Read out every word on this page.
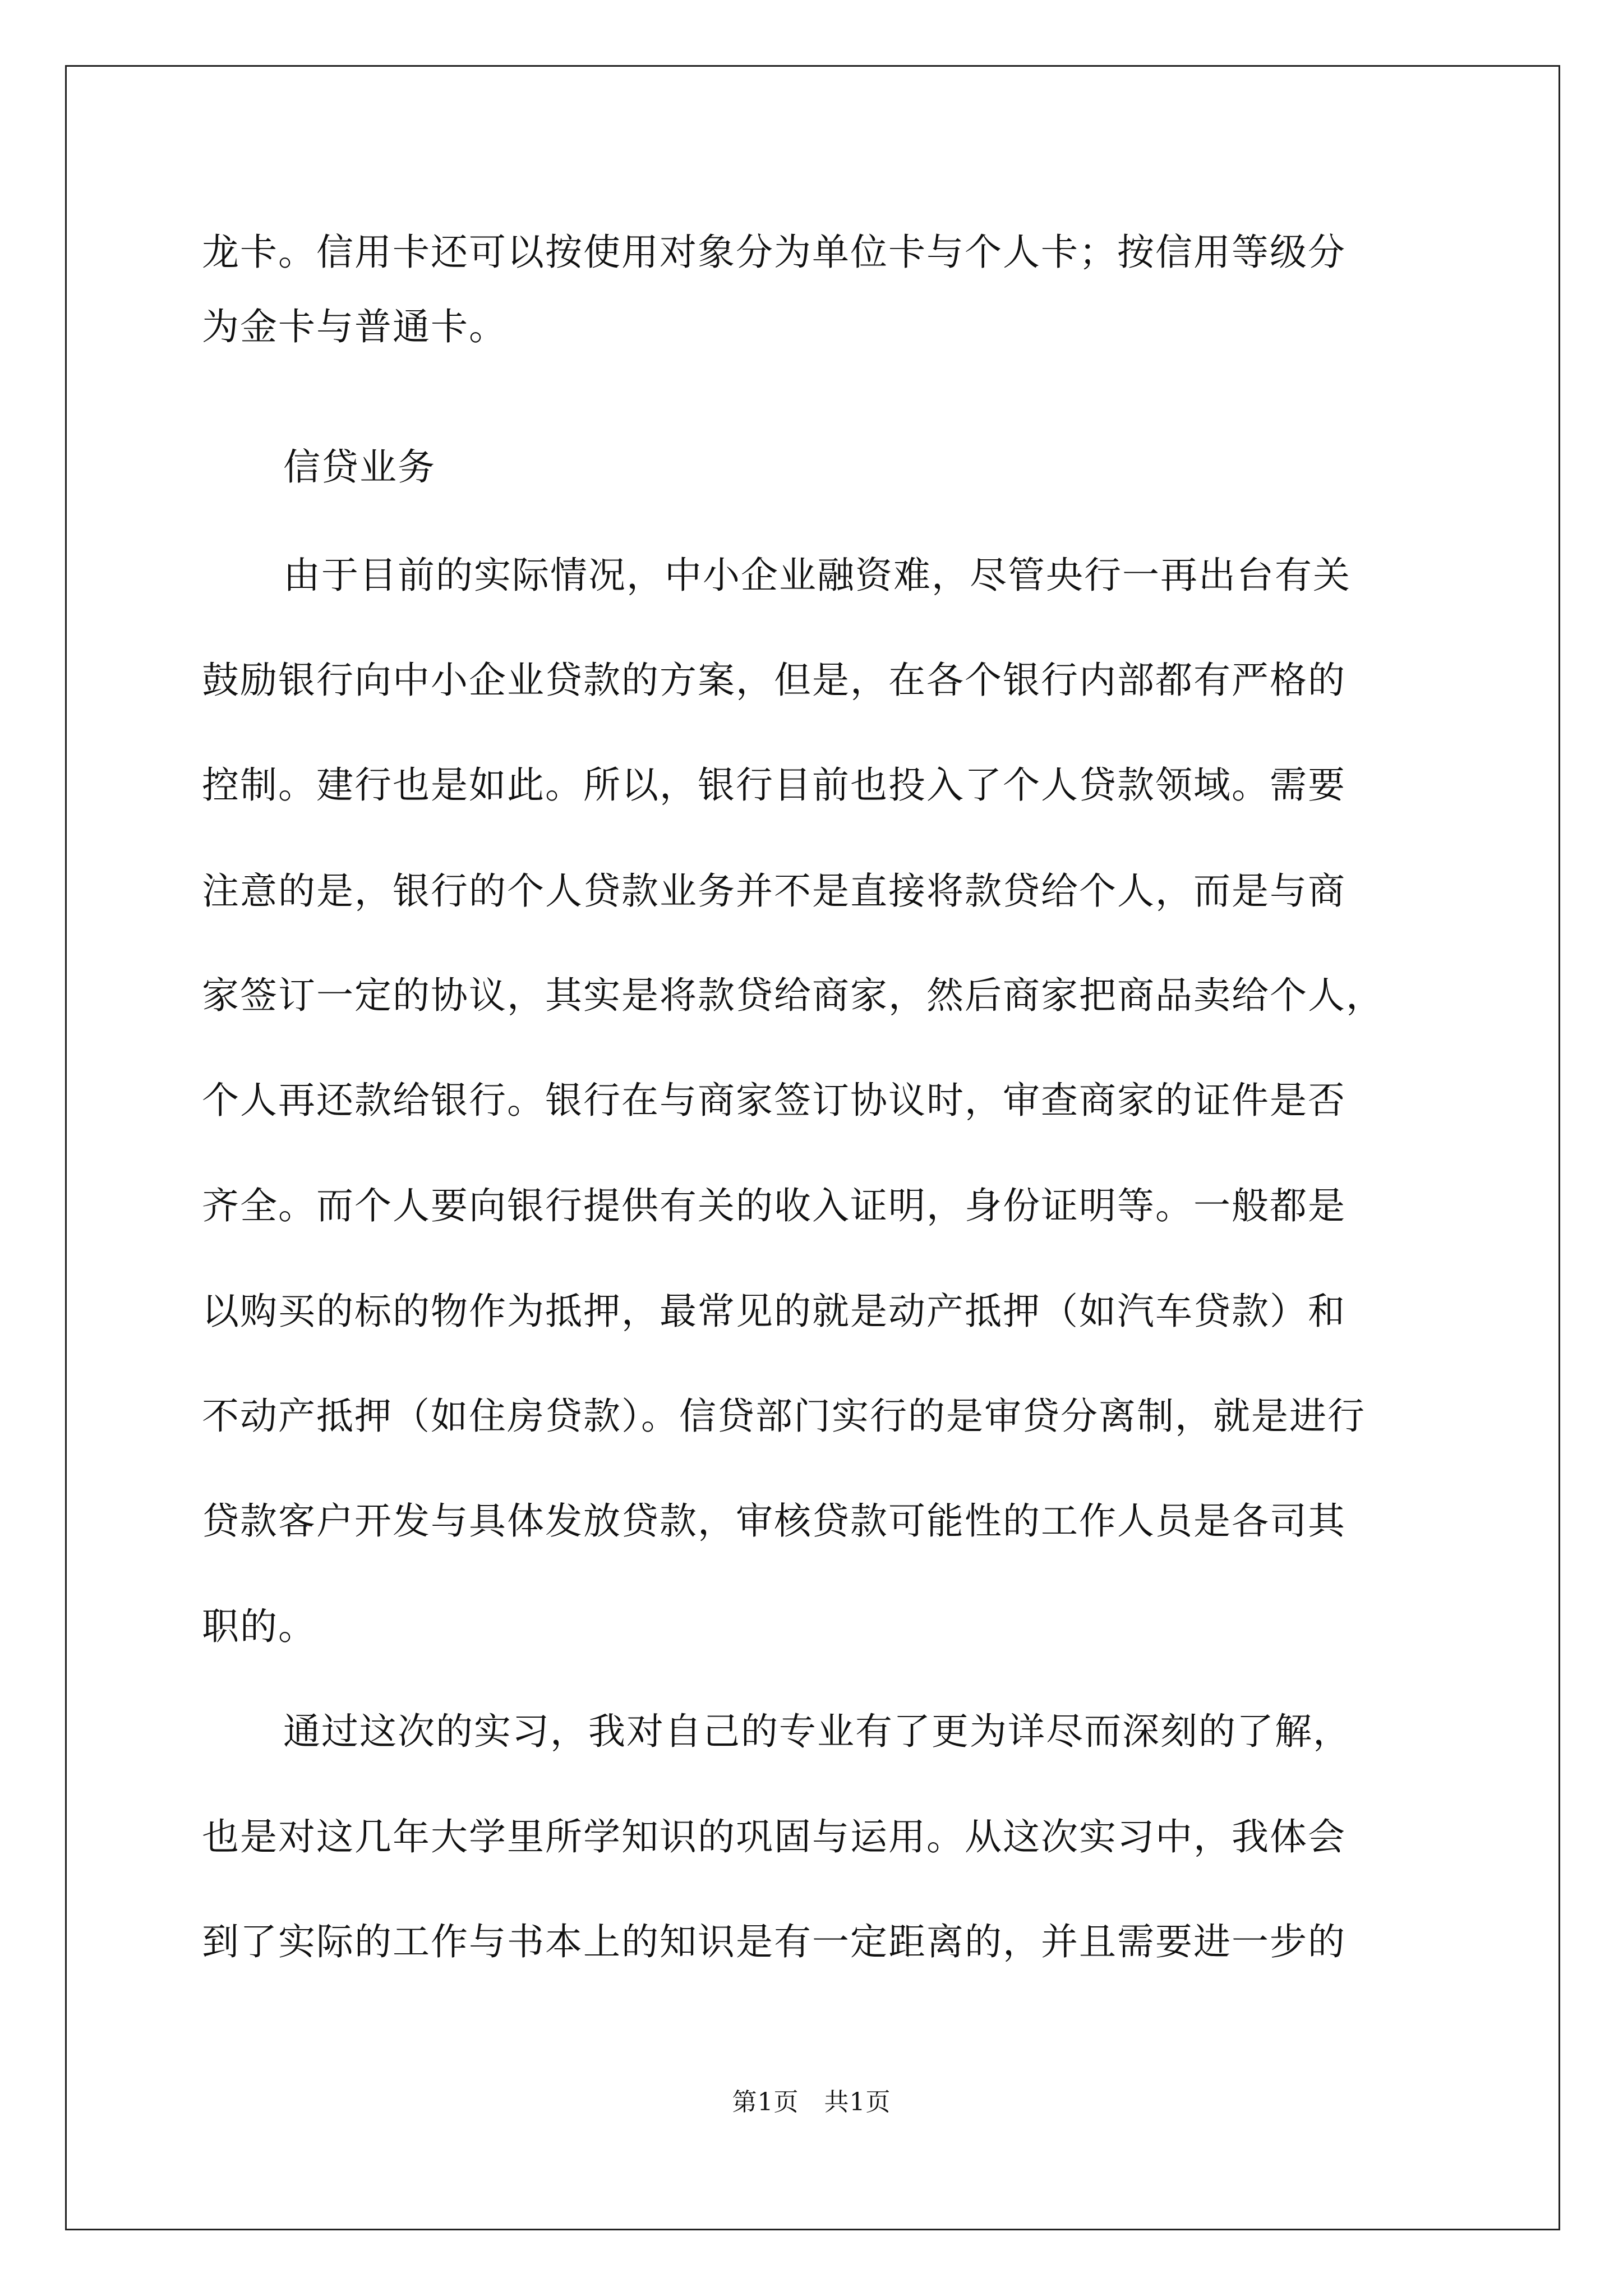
龙卡。信用卡还可以按使用对象分为单位卡与个人卡；按信用等级分
为金卡与普通卡。
信贷业务
由于目前的实际情况，中小企业融资难，尽管央行一再出台有关
鼓励银行向中小企业贷款的方案，但是，在各个银行内部都有严格的
控制。建行也是如此。所以，银行目前也投入了个人贷款领域。需要
注意的是，银行的个人贷款业务并不是直接将款贷给个人，而是与商
家签订一定的协议，其实是将款贷给商家，然后商家把商品卖给个人，
个人再还款给银行。银行在与商家签订协议时，审查商家的证件是否
齐全。而个人要向银行提供有关的收入证明，身份证明等。一般都是
以购买的标的物作为抵押，最常见的就是动产抵押（如汽车贷款）和
不动产抵押（如住房贷款）。信贷部门实行的是审贷分离制，就是进行
贷款客户开发与具体发放贷款，审核贷款可能性的工作人员是各司其
职的。
通过这次的实习，我对自己的专业有了更为详尽而深刻的了解，
也是对这几年大学里所学知识的巩固与运用。从这次实习中，我体会
到了实际的工作与书本上的知识是有一定距离的，并且需要进一步的
第1页　共1页
